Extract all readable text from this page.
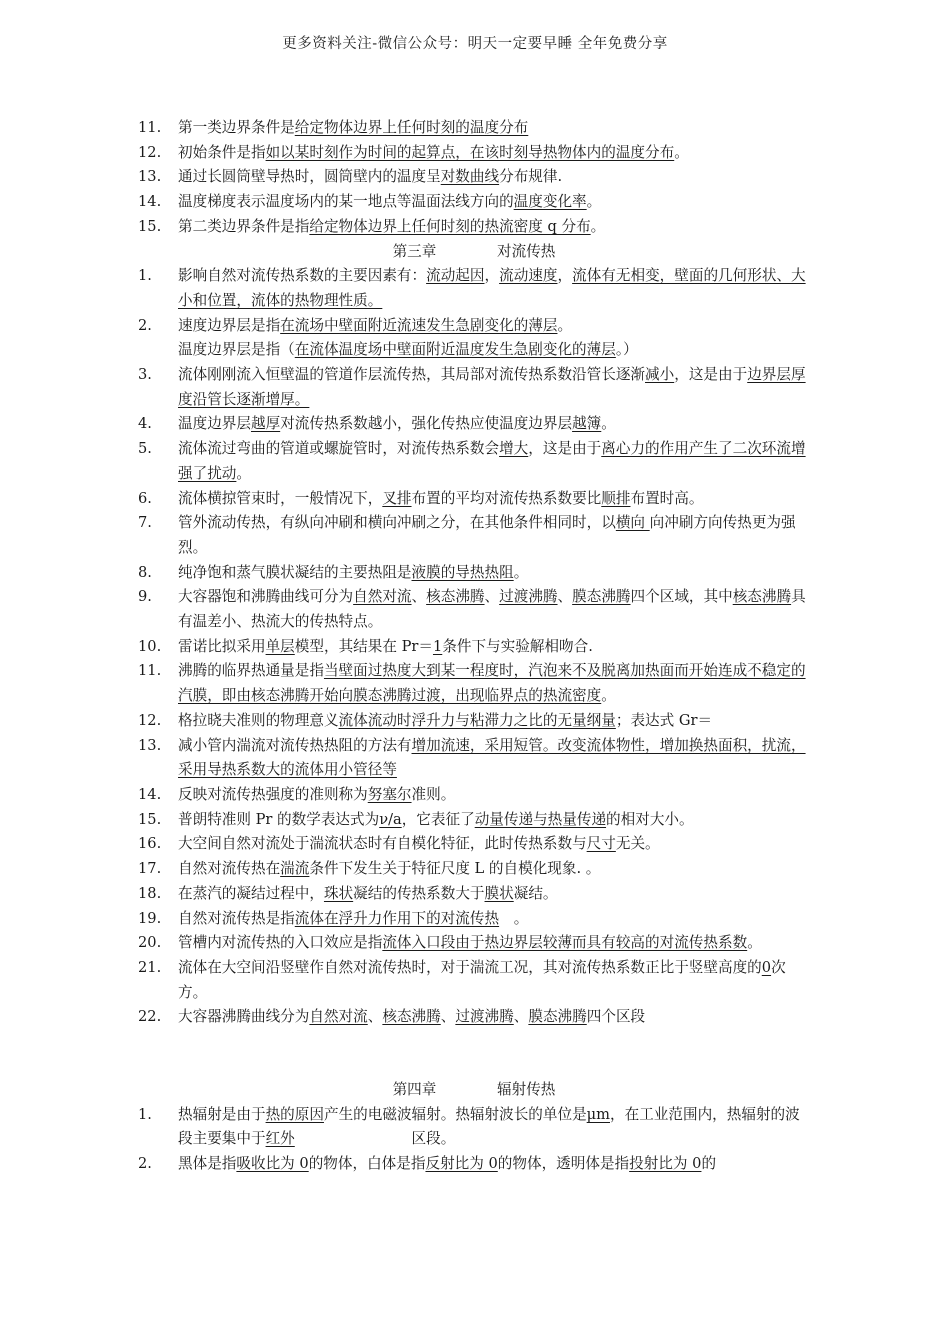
更多资料关注-微信公众号：明天一定要早睡 全年免费分享
11.	第一类边界条件是给定物体边界上任何时刻的温度分布
12.	初始条件是指如以某时刻作为时间的起算点，在该时刻导热物体内的温度分布。
13.	通过长圆筒壁导热时，圆筒壁内的温度呈对数曲线分布规律.
14.	温度梯度表示温度场内的某一地点等温面法线方向的温度变化率。
15.	第二类边界条件是指给定物体边界上任何时刻的热流密度 q 分布。
第三章	对流传热
1.	影响自然对流传热系数的主要因素有：流动起因，流动速度，流体有无相变，壁面的几何形状、大小和位置，流体的热物理性质。
2.	速度边界层是指在流场中壁面附近流速发生急剧变化的薄层。
温度边界层是指（在流体温度场中壁面附近温度发生急剧变化的薄层。）
3.	流体刚刚流入恒壁温的管道作层流传热，其局部对流传热系数沿管长逐渐减小，这是由于边界层厚度沿管长逐渐增厚。
4.	温度边界层越厚对流传热系数越小，强化传热应使温度边界层越簿。
5.	流体流过弯曲的管道或螺旋管时，对流传热系数会增大，这是由于离心力的作用产生了二次环流增强了扰动。
6.	流体横掠管束时，一般情况下，叉排布置的平均对流传热系数要比顺排布置时高。
7.	管外流动传热，有纵向冲刷和横向冲刷之分，在其他条件相同时，以横向 向冲刷方向传热更为强烈。
8.	纯净饱和蒸气膜状凝结的主要热阻是液膜的导热热阻。
9.	大容器饱和沸腾曲线可分为自然对流、核态沸腾、过渡沸腾、膜态沸腾四个区域，其中核态沸腾具有温差小、热流大的传热特点。
10.	雷诺比拟采用单层模型，其结果在 Pr＝1条件下与实验解相吻合.
11.	沸腾的临界热通量是指当壁面过热度大到某一程度时，汽泡来不及脱离加热面而开始连成不稳定的汽膜，即由核态沸腾开始向膜态沸腾过渡，出现临界点的热流密度。
12.	格拉晓夫准则的物理意义流体流动时浮升力与粘滞力之比的无量纲量；表达式 Gr＝
13.	减小管内湍流对流传热热阻的方法有增加流速，采用短管。改变流体物性，增加换热面积，扰流，采用导热系数大的流体用小管径等
14.	反映对流传热强度的准则称为努塞尔准则。
15.	普朗特准则 Pr 的数学表达式为ν/a，它表征了动量传递与热量传递的相对大小。
16.	大空间自然对流处于湍流状态时有自模化特征，此时传热系数与尺寸无关。
17.	自然对流传热在湍流条件下发生关于特征尺度 L 的自模化现象. 。
18.	在蒸汽的凝结过程中，珠状凝结的传热系数大于膜状凝结。
19.	自然对流传热是指流体在浮升力作用下的对流传热　。
20.	管槽内对流传热的入口效应是指流体入口段由于热边界层较薄而具有较高的对流传热系数。
21.	流体在大空间沿竖壁作自然对流传热时，对于湍流工况，其对流传热系数正比于竖壁高度的0次方。
22.	大容器沸腾曲线分为自然对流、核态沸腾、过渡沸腾、膜态沸腾四个区段
第四章	辐射传热
1.	热辐射是由于热的原因产生的电磁波辐射。热辐射波长的单位是μm，在工业范围内，热辐射的波段主要集中于红外　　　　　　　　区段。
2.	黑体是指吸收比为 0的物体，白体是指反射比为 0的物体，透明体是指投射比为 0的
